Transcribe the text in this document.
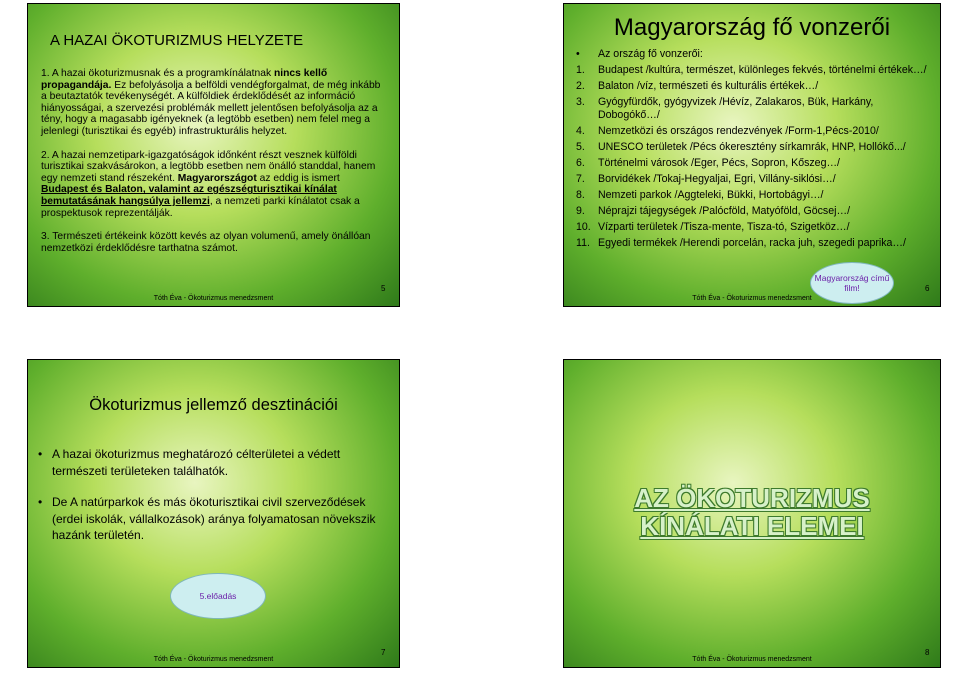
A HAZAI ÖKOTURIZMUS HELYZETE

1. A hazai ökoturizmusnak és a programkínálatnak nincs kellő propagandája. Ez befolyásolja a belföldi vendégforgalmat, de még inkább a beutaztatók tevékenységét. A külföldiek érdeklődését az információ hiányosságai, a szervezési problémák mellett jelentősen befolyásolja az a tény, hogy a magasabb igényeknek (a legtöbb esetben) nem felel meg a jelenlegi (turisztikai és egyéb) infrastrukturális helyzet.

2. A hazai nemzetipark-igazgatóságok időnként részt vesznek külföldi turisztikai szakvásárokon, a legtöbb esetben nem önálló standdal, hanem egy nemzeti stand részeként. Magyarországot az eddig is ismert Budapest és Balaton, valamint az egészségturisztikai kínálat bemutatásának hangsúlya jellemzi, a nemzeti parki kínálatot csak a prospektusok reprezentálják.

3. Természeti értékeink között kevés az olyan volumenű, amely önállóan nemzetközi érdeklődésre tarthatna számot.

Tóth Éva - Ökoturizmus menedzsment
5
Magyarország fő vonzerői
•	Az ország fő vonzerői:
1.	Budapest /kultúra, természet, különleges fekvés, történelmi értékek…/
2.	Balaton /víz, természeti és kulturális értékek…/
3.	Gyógyfürdők, gyógyvizek /Hévíz, Zalakaros, Bük, Harkány, Dobogókő…/
4.	Nemzetközi és országos rendezvények /Form-1,Pécs-2010/
5.	UNESCO területek /Pécs ókeresztény sírkamrák, HNP, Hollókő.../
6.	Történelmi városok /Eger, Pécs, Sopron, Kőszeg…/
7.	Borvidékek /Tokaj-Hegyaljai, Egri, Villány-siklósi…/
8.	Nemzeti parkok /Aggteleki, Bükki, Hortobágyi…/
9.	Néprajzi tájegységek /Palócföld, Matyóföld, Göcsej…/
10. Vízparti területek /Tisza-mente, Tisza-tó, Szigetköz…/
11. Egyedi termékek /Herendi porcelán, racka juh, szegedi paprika…/
Magyarország című film!
Tóth Éva - Ökoturizmus menedzsment
6
Ökoturizmus jellemző desztinációi
• A hazai ökoturizmus meghatározó célterületei a védett természeti területeken találhatók.
• De A natúrparkok és más ökoturisztikai civil szerveződések (erdei iskolák, vállalkozások) aránya folyamatosan növekszik hazánk területén.
5.előadás
Tóth Éva - Ökoturizmus menedzsment
7
AZ ÖKOTURIZMUS
KÍNÁLATI ELEMEI
Tóth Éva - Ökoturizmus menedzsment
8
